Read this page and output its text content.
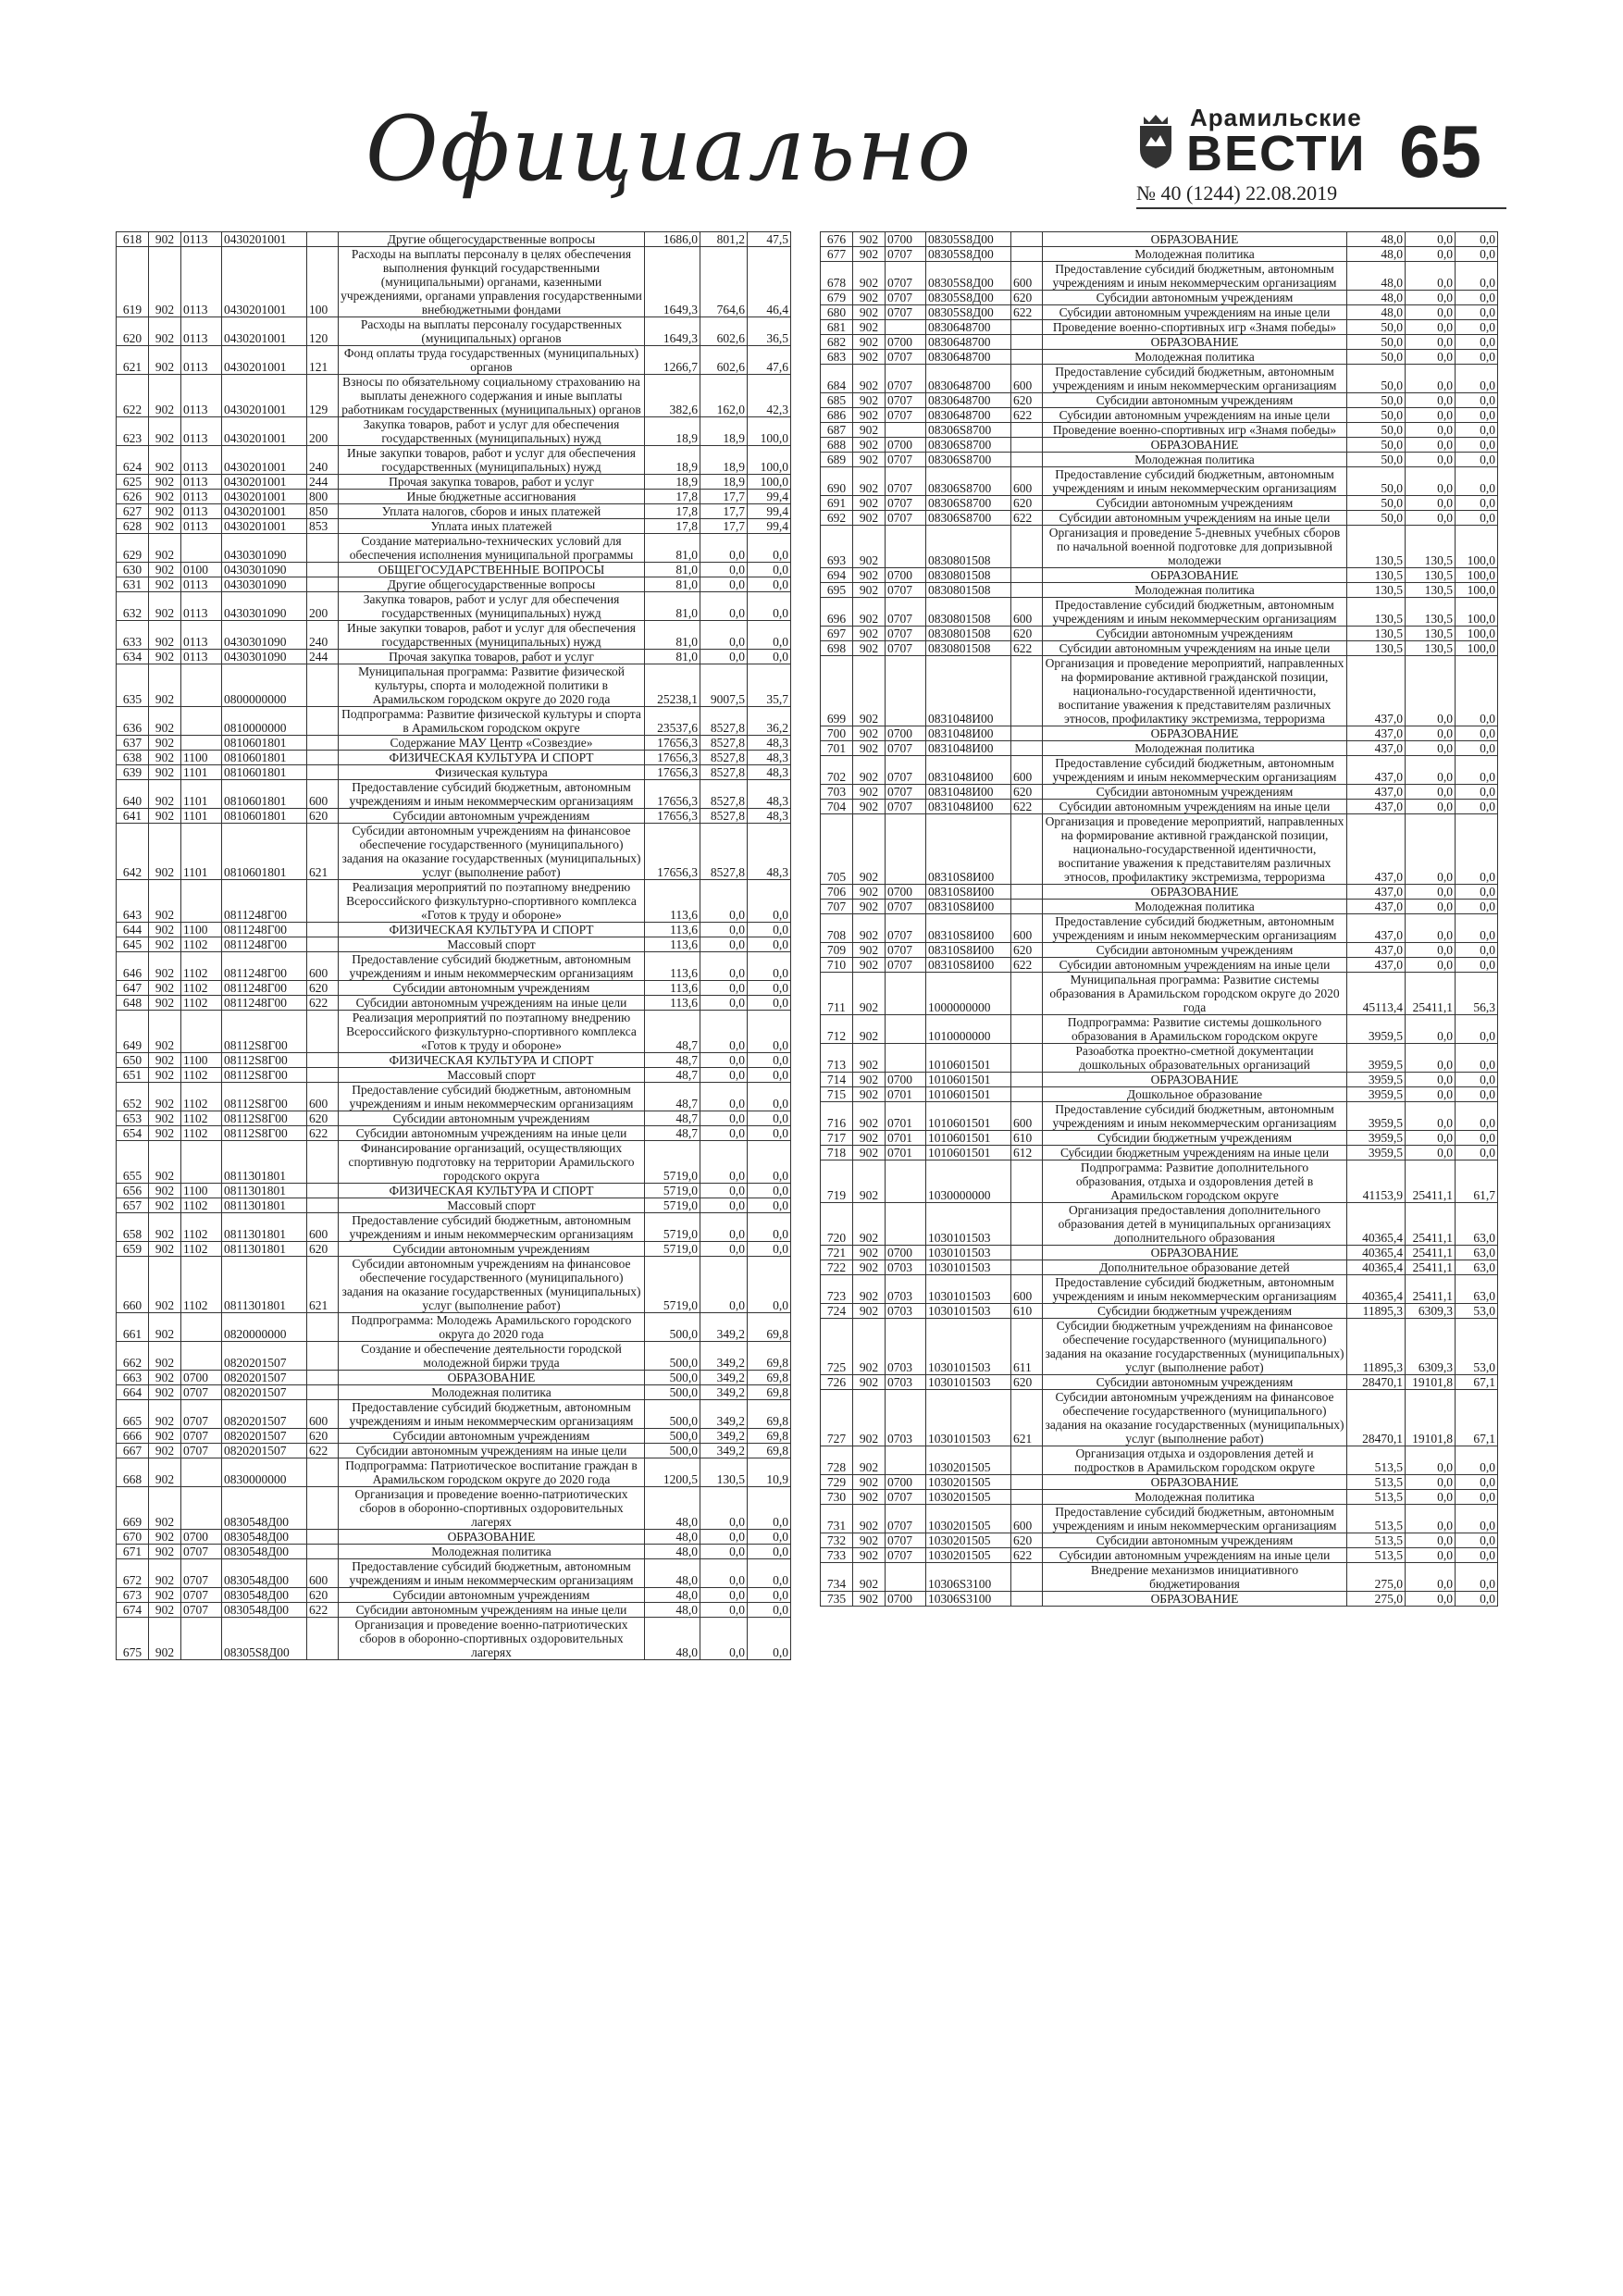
Официально	Арамильские
ВЕСТИ 65
№ 40 (1244) 22.08.2019
618	902	0113	0430201001		Другие общегосударственные вопросы	1686,0	801,2	47,5
619	902	0113	0430201001	100	Расходы на выплаты персоналу в целях обеспечения выполнения функций государственными (муниципальными) органами, казенными учреждениями, органами управления государственными внебюджетными фондами	1649,3	764,6	46,4
620	902	0113	0430201001	120	Расходы на выплаты персоналу государственных (муниципальных) органов	1649,3	602,6	36,5
621	902	0113	0430201001	121	Фонд оплаты труда государственных (муниципальных) органов	1266,7	602,6	47,6
622	902	0113	0430201001	129	Взносы по обязательному социальному страхованию на выплаты денежного содержания и иные выплаты работникам государственных (муниципальных) органов	382,6	162,0	42,3
623	902	0113	0430201001	200	Закупка товаров, работ и услуг для обеспечения государственных (муниципальных) нужд	18,9	18,9	100,0
624	902	0113	0430201001	240	Иные закупки товаров, работ и услуг для обеспечения государственных (муниципальных) нужд	18,9	18,9	100,0
625	902	0113	0430201001	244	Прочая закупка товаров, работ и услуг	18,9	18,9	100,0
626	902	0113	0430201001	800	Иные бюджетные ассигнования	17,8	17,7	99,4
627	902	0113	0430201001	850	Уплата налогов, сборов и иных платежей	17,8	17,7	99,4
628	902	0113	0430201001	853	Уплата иных платежей	17,8	17,7	99,4
629	902		0430301090		Создание материально-технических условий для обеспечения исполнения муниципальной программы	81,0	0,0	0,0
630	902	0100	0430301090		ОБЩЕГОСУДАРСТВЕННЫЕ ВОПРОСЫ	81,0	0,0	0,0
631	902	0113	0430301090		Другие общегосударственные вопросы	81,0	0,0	0,0
632	902	0113	0430301090	200	Закупка товаров, работ и услуг для обеспечения государственных (муниципальных) нужд	81,0	0,0	0,0
633	902	0113	0430301090	240	Иные закупки товаров, работ и услуг для обеспечения государственных (муниципальных) нужд	81,0	0,0	0,0
634	902	0113	0430301090	244	Прочая закупка товаров, работ и услуг	81,0	0,0	0,0
635	902		0800000000		Муниципальная программа: Развитие физической культуры, спорта и молодежной политики в Арамильском городском округе до 2020 года	25238,1	9007,5	35,7
636	902		0810000000		Подпрограмма: Развитие физической культуры и спорта в Арамильском городском округе	23537,6	8527,8	36,2
637	902		0810601801		Содержание МАУ Центр «Созвездие»	17656,3	8527,8	48,3
638	902	1100	0810601801		ФИЗИЧЕСКАЯ КУЛЬТУРА И СПОРТ	17656,3	8527,8	48,3
639	902	1101	0810601801		Физическая культура	17656,3	8527,8	48,3
640	902	1101	0810601801	600	Предоставление субсидий бюджетным, автономным учреждениям и иным некоммерческим организациям	17656,3	8527,8	48,3
641	902	1101	0810601801	620	Субсидии автономным учреждениям	17656,3	8527,8	48,3
642	902	1101	0810601801	621	Субсидии автономным учреждениям на финансовое обеспечение государственного (муниципального) задания на оказание государственных (муниципальных) услуг (выполнение работ)	17656,3	8527,8	48,3
643	902		0811248Г00		Реализация мероприятий по поэтапному внедрению Всероссийского физкультурно-спортивного комплекса «Готов к труду и обороне»	113,6	0,0	0,0
644	902	1100	0811248Г00		ФИЗИЧЕСКАЯ КУЛЬТУРА И СПОРТ	113,6	0,0	0,0
645	902	1102	0811248Г00		Массовый спорт	113,6	0,0	0,0
646	902	1102	0811248Г00	600	Предоставление субсидий бюджетным, автономным учреждениям и иным некоммерческим организациям	113,6	0,0	0,0
647	902	1102	0811248Г00	620	Субсидии автономным учреждениям	113,6	0,0	0,0
648	902	1102	0811248Г00	622	Субсидии автономным учреждениям на иные цели	113,6	0,0	0,0
649	902		08112S8Г00		Реализация мероприятий по поэтапному внедрению Всероссийского физкультурно-спортивного комплекса «Готов к труду и обороне»	48,7	0,0	0,0
650	902	1100	08112S8Г00		ФИЗИЧЕСКАЯ КУЛЬТУРА И СПОРТ	48,7	0,0	0,0
651	902	1102	08112S8Г00		Массовый спорт	48,7	0,0	0,0
652	902	1102	08112S8Г00	600	Предоставление субсидий бюджетным, автономным учреждениям и иным некоммерческим организациям	48,7	0,0	0,0
653	902	1102	08112S8Г00	620	Субсидии автономным учреждениям	48,7	0,0	0,0
654	902	1102	08112S8Г00	622	Субсидии автономным учреждениям на иные цели	48,7	0,0	0,0
655	902		0811301801		Финансирование организаций, осуществляющих спортивную подготовку на территории Арамильского городского округа	5719,0	0,0	0,0
656	902	1100	0811301801		ФИЗИЧЕСКАЯ КУЛЬТУРА И СПОРТ	5719,0	0,0	0,0
657	902	1102	0811301801		Массовый спорт	5719,0	0,0	0,0
658	902	1102	0811301801	600	Предоставление субсидий бюджетным, автономным учреждениям и иным некоммерческим организациям	5719,0	0,0	0,0
659	902	1102	0811301801	620	Субсидии автономным учреждениям	5719,0	0,0	0,0
660	902	1102	0811301801	621	Субсидии автономным учреждениям на финансовое обеспечение государственного (муниципального) задания на оказание государственных (муниципальных) услуг (выполнение работ)	5719,0	0,0	0,0
661	902		0820000000		Подпрограмма: Молодежь Арамильского городского округа до 2020 года	500,0	349,2	69,8
662	902		0820201507		Создание и обеспечение деятельности городской молодежной биржи труда	500,0	349,2	69,8
663	902	0700	0820201507		ОБРАЗОВАНИЕ	500,0	349,2	69,8
664	902	0707	0820201507		Молодежная политика	500,0	349,2	69,8
665	902	0707	0820201507	600	Предоставление субсидий бюджетным, автономным учреждениям и иным некоммерческим организациям	500,0	349,2	69,8
666	902	0707	0820201507	620	Субсидии автономным учреждениям	500,0	349,2	69,8
667	902	0707	0820201507	622	Субсидии автономным учреждениям на иные цели	500,0	349,2	69,8
668	902		0830000000		Подпрограмма: Патриотическое воспитание граждан в Арамильском городском округе до 2020 года	1200,5	130,5	10,9
669	902		0830548Д00		Организация и проведение военно-патриотических сборов в оборонно-спортивных оздоровительных лагерях	48,0	0,0	0,0
670	902	0700	0830548Д00		ОБРАЗОВАНИЕ	48,0	0,0	0,0
671	902	0707	0830548Д00		Молодежная политика	48,0	0,0	0,0
672	902	0707	0830548Д00	600	Предоставление субсидий бюджетным, автономным учреждениям и иным некоммерческим организациям	48,0	0,0	0,0
673	902	0707	0830548Д00	620	Субсидии автономным учреждениям	48,0	0,0	0,0
674	902	0707	0830548Д00	622	Субсидии автономным учреждениям на иные цели	48,0	0,0	0,0
675	902		08305S8Д00		Организация и проведение военно-патриотических сборов в оборонно-спортивных оздоровительных лагерях	48,0	0,0	0,0
676	902	0700	08305S8Д00		ОБРАЗОВАНИЕ	48,0	0,0	0,0
677	902	0707	08305S8Д00		Молодежная политика	48,0	0,0	0,0
678	902	0707	08305S8Д00	600	Предоставление субсидий бюджетным, автономным учреждениям и иным некоммерческим организациям	48,0	0,0	0,0
679	902	0707	08305S8Д00	620	Субсидии автономным учреждениям	48,0	0,0	0,0
680	902	0707	08305S8Д00	622	Субсидии автономным учреждениям на иные цели	48,0	0,0	0,0
681	902		0830648700		Проведение военно-спортивных игр «Знамя победы»	50,0	0,0	0,0
682	902	0700	0830648700		ОБРАЗОВАНИЕ	50,0	0,0	0,0
683	902	0707	0830648700		Молодежная политика	50,0	0,0	0,0
684	902	0707	0830648700	600	Предоставление субсидий бюджетным, автономным учреждениям и иным некоммерческим организациям	50,0	0,0	0,0
685	902	0707	0830648700	620	Субсидии автономным учреждениям	50,0	0,0	0,0
686	902	0707	0830648700	622	Субсидии автономным учреждениям на иные цели	50,0	0,0	0,0
687	902		08306S8700		Проведение военно-спортивных игр «Знамя победы»	50,0	0,0	0,0
688	902	0700	08306S8700		ОБРАЗОВАНИЕ	50,0	0,0	0,0
689	902	0707	08306S8700		Молодежная политика	50,0	0,0	0,0
690	902	0707	08306S8700	600	Предоставление субсидий бюджетным, автономным учреждениям и иным некоммерческим организациям	50,0	0,0	0,0
691	902	0707	08306S8700	620	Субсидии автономным учреждениям	50,0	0,0	0,0
692	902	0707	08306S8700	622	Субсидии автономным учреждениям на иные цели	50,0	0,0	0,0
693	902		0830801508		Организация и проведение 5-дневных учебных сборов по начальной военной подготовке для допризывной молодежи	130,5	130,5	100,0
694	902	0700	0830801508		ОБРАЗОВАНИЕ	130,5	130,5	100,0
695	902	0707	0830801508		Молодежная политика	130,5	130,5	100,0
696	902	0707	0830801508	600	Предоставление субсидий бюджетным, автономным учреждениям и иным некоммерческим организациям	130,5	130,5	100,0
697	902	0707	0830801508	620	Субсидии автономным учреждениям	130,5	130,5	100,0
698	902	0707	0830801508	622	Субсидии автономным учреждениям на иные цели	130,5	130,5	100,0
699	902		0831048И00		Организация и проведение мероприятий, направленных на формирование активной гражданской позиции, национально-государственной идентичности, воспитание уважения к представителям различных этносов, профилактику экстремизма, терроризма	437,0	0,0	0,0
700	902	0700	0831048И00		ОБРАЗОВАНИЕ	437,0	0,0	0,0
701	902	0707	0831048И00		Молодежная политика	437,0	0,0	0,0
702	902	0707	0831048И00	600	Предоставление субсидий бюджетным, автономным учреждениям и иным некоммерческим организациям	437,0	0,0	0,0
703	902	0707	0831048И00	620	Субсидии автономным учреждениям	437,0	0,0	0,0
704	902	0707	0831048И00	622	Субсидии автономным учреждениям на иные цели	437,0	0,0	0,0
705	902		08310S8И00		Организация и проведение мероприятий, направленных на формирование активной гражданской позиции, национально-государственной идентичности, воспитание уважения к представителям различных этносов, профилактику экстремизма, терроризма	437,0	0,0	0,0
706	902	0700	08310S8И00		ОБРАЗОВАНИЕ	437,0	0,0	0,0
707	902	0707	08310S8И00		Молодежная политика	437,0	0,0	0,0
708	902	0707	08310S8И00	600	Предоставление субсидий бюджетным, автономным учреждениям и иным некоммерческим организациям	437,0	0,0	0,0
709	902	0707	08310S8И00	620	Субсидии автономным учреждениям	437,0	0,0	0,0
710	902	0707	08310S8И00	622	Субсидии автономным учреждениям на иные цели	437,0	0,0	0,0
711	902		1000000000		Муниципальная программа: Развитие системы образования в Арамильском городском округе до 2020 года	45113,4	25411,1	56,3
712	902		1010000000		Подпрограмма: Развитие системы дошкольного образования в Арамильском городском округе	3959,5	0,0	0,0
713	902		1010601501		Разоаботка проектно-сметной документации дошкольных образовательных организаций	3959,5	0,0	0,0
714	902	0700	1010601501		ОБРАЗОВАНИЕ	3959,5	0,0	0,0
715	902	0701	1010601501		Дошкольное образование	3959,5	0,0	0,0
716	902	0701	1010601501	600	Предоставление субсидий бюджетным, автономным учреждениям и иным некоммерческим организациям	3959,5	0,0	0,0
717	902	0701	1010601501	610	Субсидии бюджетным учреждениям	3959,5	0,0	0,0
718	902	0701	1010601501	612	Субсидии бюджетным учреждениям на иные цели	3959,5	0,0	0,0
719	902		1030000000		Подпрограмма: Развитие дополнительного образования, отдыха и оздоровления детей в Арамильском городском округе	41153,9	25411,1	61,7
720	902		1030101503		Организация предоставления дополнительного образования детей в муниципальных организациях дополнительного образования	40365,4	25411,1	63,0
721	902	0700	1030101503		ОБРАЗОВАНИЕ	40365,4	25411,1	63,0
722	902	0703	1030101503		Дополнительное образование детей	40365,4	25411,1	63,0
723	902	0703	1030101503	600	Предоставление субсидий бюджетным, автономным учреждениям и иным некоммерческим организациям	40365,4	25411,1	63,0
724	902	0703	1030101503	610	Субсидии бюджетным учреждениям	11895,3	6309,3	53,0
725	902	0703	1030101503	611	Субсидии бюджетным учреждениям на финансовое обеспечение государственного (муниципального) задания на оказание государственных (муниципальных) услуг (выполнение работ)	11895,3	6309,3	53,0
726	902	0703	1030101503	620	Субсидии автономным учреждениям	28470,1	19101,8	67,1
727	902	0703	1030101503	621	Субсидии автономным учреждениям на финансовое обеспечение государственного (муниципального) задания на оказание государственных (муниципальных) услуг (выполнение работ)	28470,1	19101,8	67,1
728	902		1030201505		Организация отдыха и оздоровления детей и подростков в Арамильском городском округе	513,5	0,0	0,0
729	902	0700	1030201505		ОБРАЗОВАНИЕ	513,5	0,0	0,0
730	902	0707	1030201505		Молодежная политика	513,5	0,0	0,0
731	902	0707	1030201505	600	Предоставление субсидий бюджетным, автономным учреждениям и иным некоммерческим организациям	513,5	0,0	0,0
732	902	0707	1030201505	620	Субсидии автономным учреждениям	513,5	0,0	0,0
733	902	0707	1030201505	622	Субсидии автономным учреждениям на иные цели	513,5	0,0	0,0
734	902		10306S3100		Внедрение механизмов инициативного бюджетирования	275,0	0,0	0,0
735	902	0700	10306S3100		ОБРАЗОВАНИЕ	275,0	0,0	0,0
